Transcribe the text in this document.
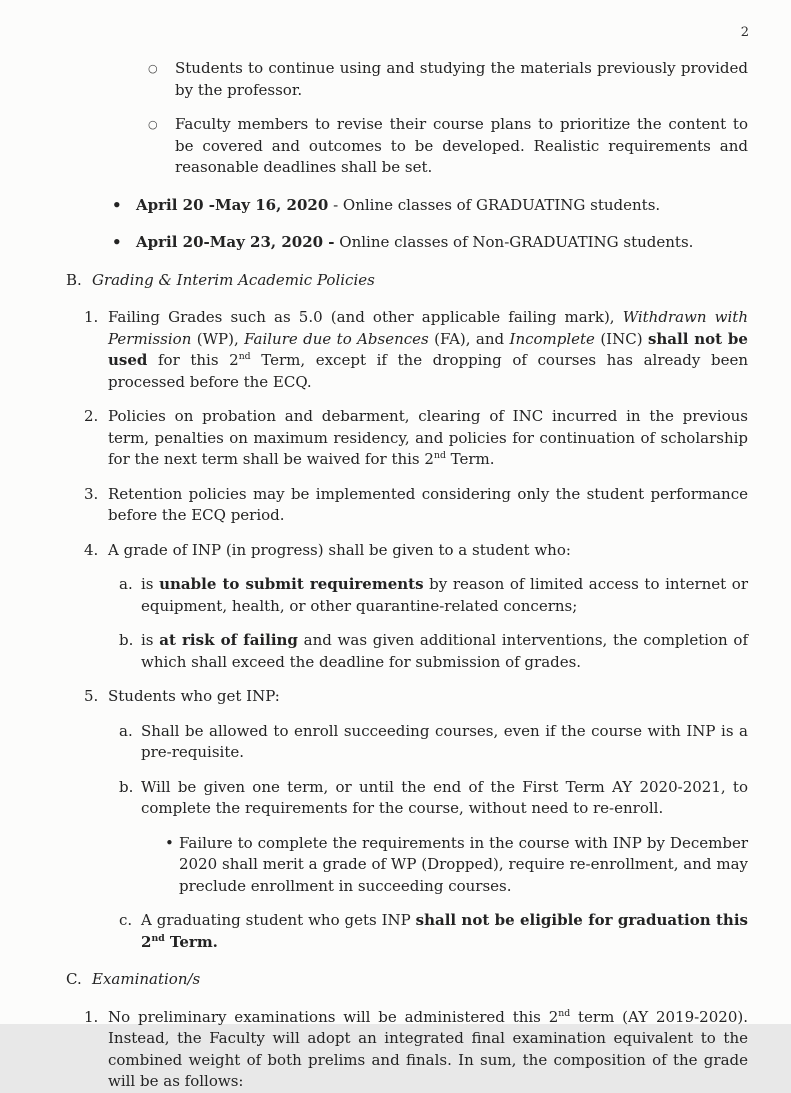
2
○	Students to continue using and studying the materials previously provided by the professor.

○	Faculty members to revise their course plans to prioritize the content to be covered and outcomes to be developed. Realistic requirements and reasonable deadlines shall be set.

• April 20 -May 16, 2020 - Online classes of GRADUATING students.

• April 20-May 23, 2020 - Online classes of Non-GRADUATING students.

B. Grading & Interim Academic Policies

1. Failing Grades such as 5.0 (and other applicable failing mark), Withdrawn with Permission (WP), Failure due to Absences (FA), and Incomplete (INC) shall not be used for this 2nd Term, except if the dropping of courses has already been processed before the ECQ.

2. Policies on probation and debarment, clearing of INC incurred in the previous term, penalties on maximum residency, and policies for continuation of scholarship for the next term shall be waived for this 2nd Term.

3. Retention policies may be implemented considering only the student performance before the ECQ period.

4. A grade of INP (in progress) shall be given to a student who:

a. is unable to submit requirements by reason of limited access to internet or equipment, health, or other quarantine-related concerns;

b. is at risk of failing and was given additional interventions, the completion of which shall exceed the deadline for submission of grades.

5. Students who get INP:

a. Shall be allowed to enroll succeeding courses, even if the course with INP is a pre-requisite.

b. Will be given one term, or until the end of the First Term AY 2020-2021, to complete the requirements for the course, without need to re-enroll.

• Failure to complete the requirements in the course with INP by December 2020 shall merit a grade of WP (Dropped), require re-enrollment, and may preclude enrollment in succeeding courses.

c. A graduating student who gets INP shall not be eligible for graduation this 2nd Term.

C. Examination/s

1. No preliminary examinations will be administered this 2nd term (AY 2019-2020). Instead, the Faculty will adopt an integrated final examination equivalent to the combined weight of both prelims and finals. In sum, the composition of the grade will be as follows:
